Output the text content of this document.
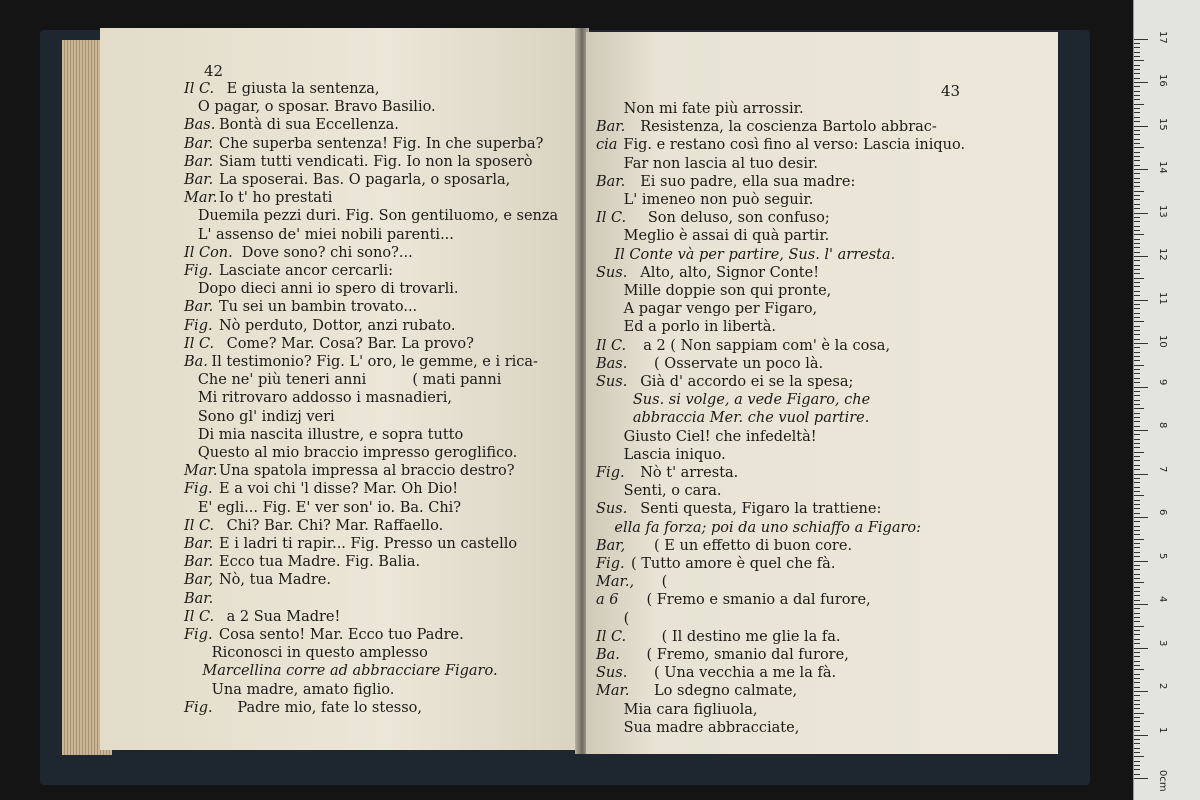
42
Il C. E giusta la sentenza,
O pagar, o sposar. Bravo Basilio.
Bas. Bontà di sua Eccellenza.
Bar. Che superba sentenza! Fig. In che superba?
Bar. Siam tutti vendicati. Fig. Io non la sposerò
Bar. La sposerai. Bas. O pagarla, o sposarla,
Mar.
Io t' ho prestati
Duemila pezzi duri. Fig. Son gentiluomo, e senza
L' assenso de' miei nobili parenti...
Il Con. Dove sono? chi sono?...
Fig. Lasciate ancor cercarli:
Dopo dieci anni io spero di trovarli.
Bar. Tu sei un bambin trovato...
Fig. Nò perduto, Dottor, anzi rubato.
Il C. Come? Mar. Cosa? Bar. La provo?
Ba.
Il testimonio? Fig. L' oro, le gemme, e i rica-
Che ne' più teneri anni          ( mati panni
Mi ritrovaro addosso i masnadieri,
Sono gl' indizj veri
Di mia nascita illustre, e sopra tutto
Questo al mio braccio impresso geroglifico.
Mar.
Una spatola impressa al braccio destro?
Fig. E a voi chi 'l disse? Mar. Oh Dio!
E' egli... Fig. E' ver son' io. Ba. Chi?
Il C. Chi? Bar. Chi? Mar. Raffaello.
Bar. E i ladri ti rapir... Fig. Presso un castello
Bar. Ecco tua Madre. Fig. Balia.
Bar, Nò, tua Madre.
Bar.
Il C. a 2 Sua Madre!
Fig. Cosa sento! Mar. Ecco tuo Padre.
Riconosci in questo amplesso
Marcellina corre ad abbracciare Figaro.
Una madre, amato figlio.
Fig. Padre mio, fate lo stesso,
43
Non mi fate più arrossir.
Bar. Resistenza, la coscienza Bartolo abbrac-
cia Fig. e restano così fino al verso: Lascia iniquo.
Far non lascia al tuo desir.
Bar. Ei suo padre, ella sua madre:
L' imeneo non può seguir.
Il C. Son deluso, son confuso;
Meglio è assai di quà partir.
Il Conte và per partire, Sus. l' arresta.
Sus. Alto, alto, Signor Conte!
Mille doppie son qui pronte,
A pagar vengo per Figaro,
Ed a porlo in libertà.
Il C. a 2 ( Non sappiam com' è la cosa,
Bas. ( Osservate un poco là.
Sus. Già d' accordo ei se la spesa;
Sus. si volge, a vede Figaro, che
abbraccia Mer. che vuol partire.
Giusto Ciel! che infedeltà!
Lascia iniquo.
Fig. Nò t' arresta.
Senti, o cara.
Sus. Senti questa, Figaro la trattiene:
ella fa forza; poi da uno schiaffo a Figaro:
Bar, ( E un effetto di buon core.
Fig. ( Tutto amore è quel che fà.
Mar., (
a 6 ( Fremo e smanio a dal furore,
(
Il C. ( Il destino me glie la fa.
Ba.
( Fremo, smanio dal furore,
Sus. ( Una vecchia a me la fà.
Mar.
Lo sdegno calmate,
Mia cara figliuola,
Sua madre abbracciate,
0cm
1
2
3
4
5
6
7
8
9
10
11
12
13
14
15
16
17
